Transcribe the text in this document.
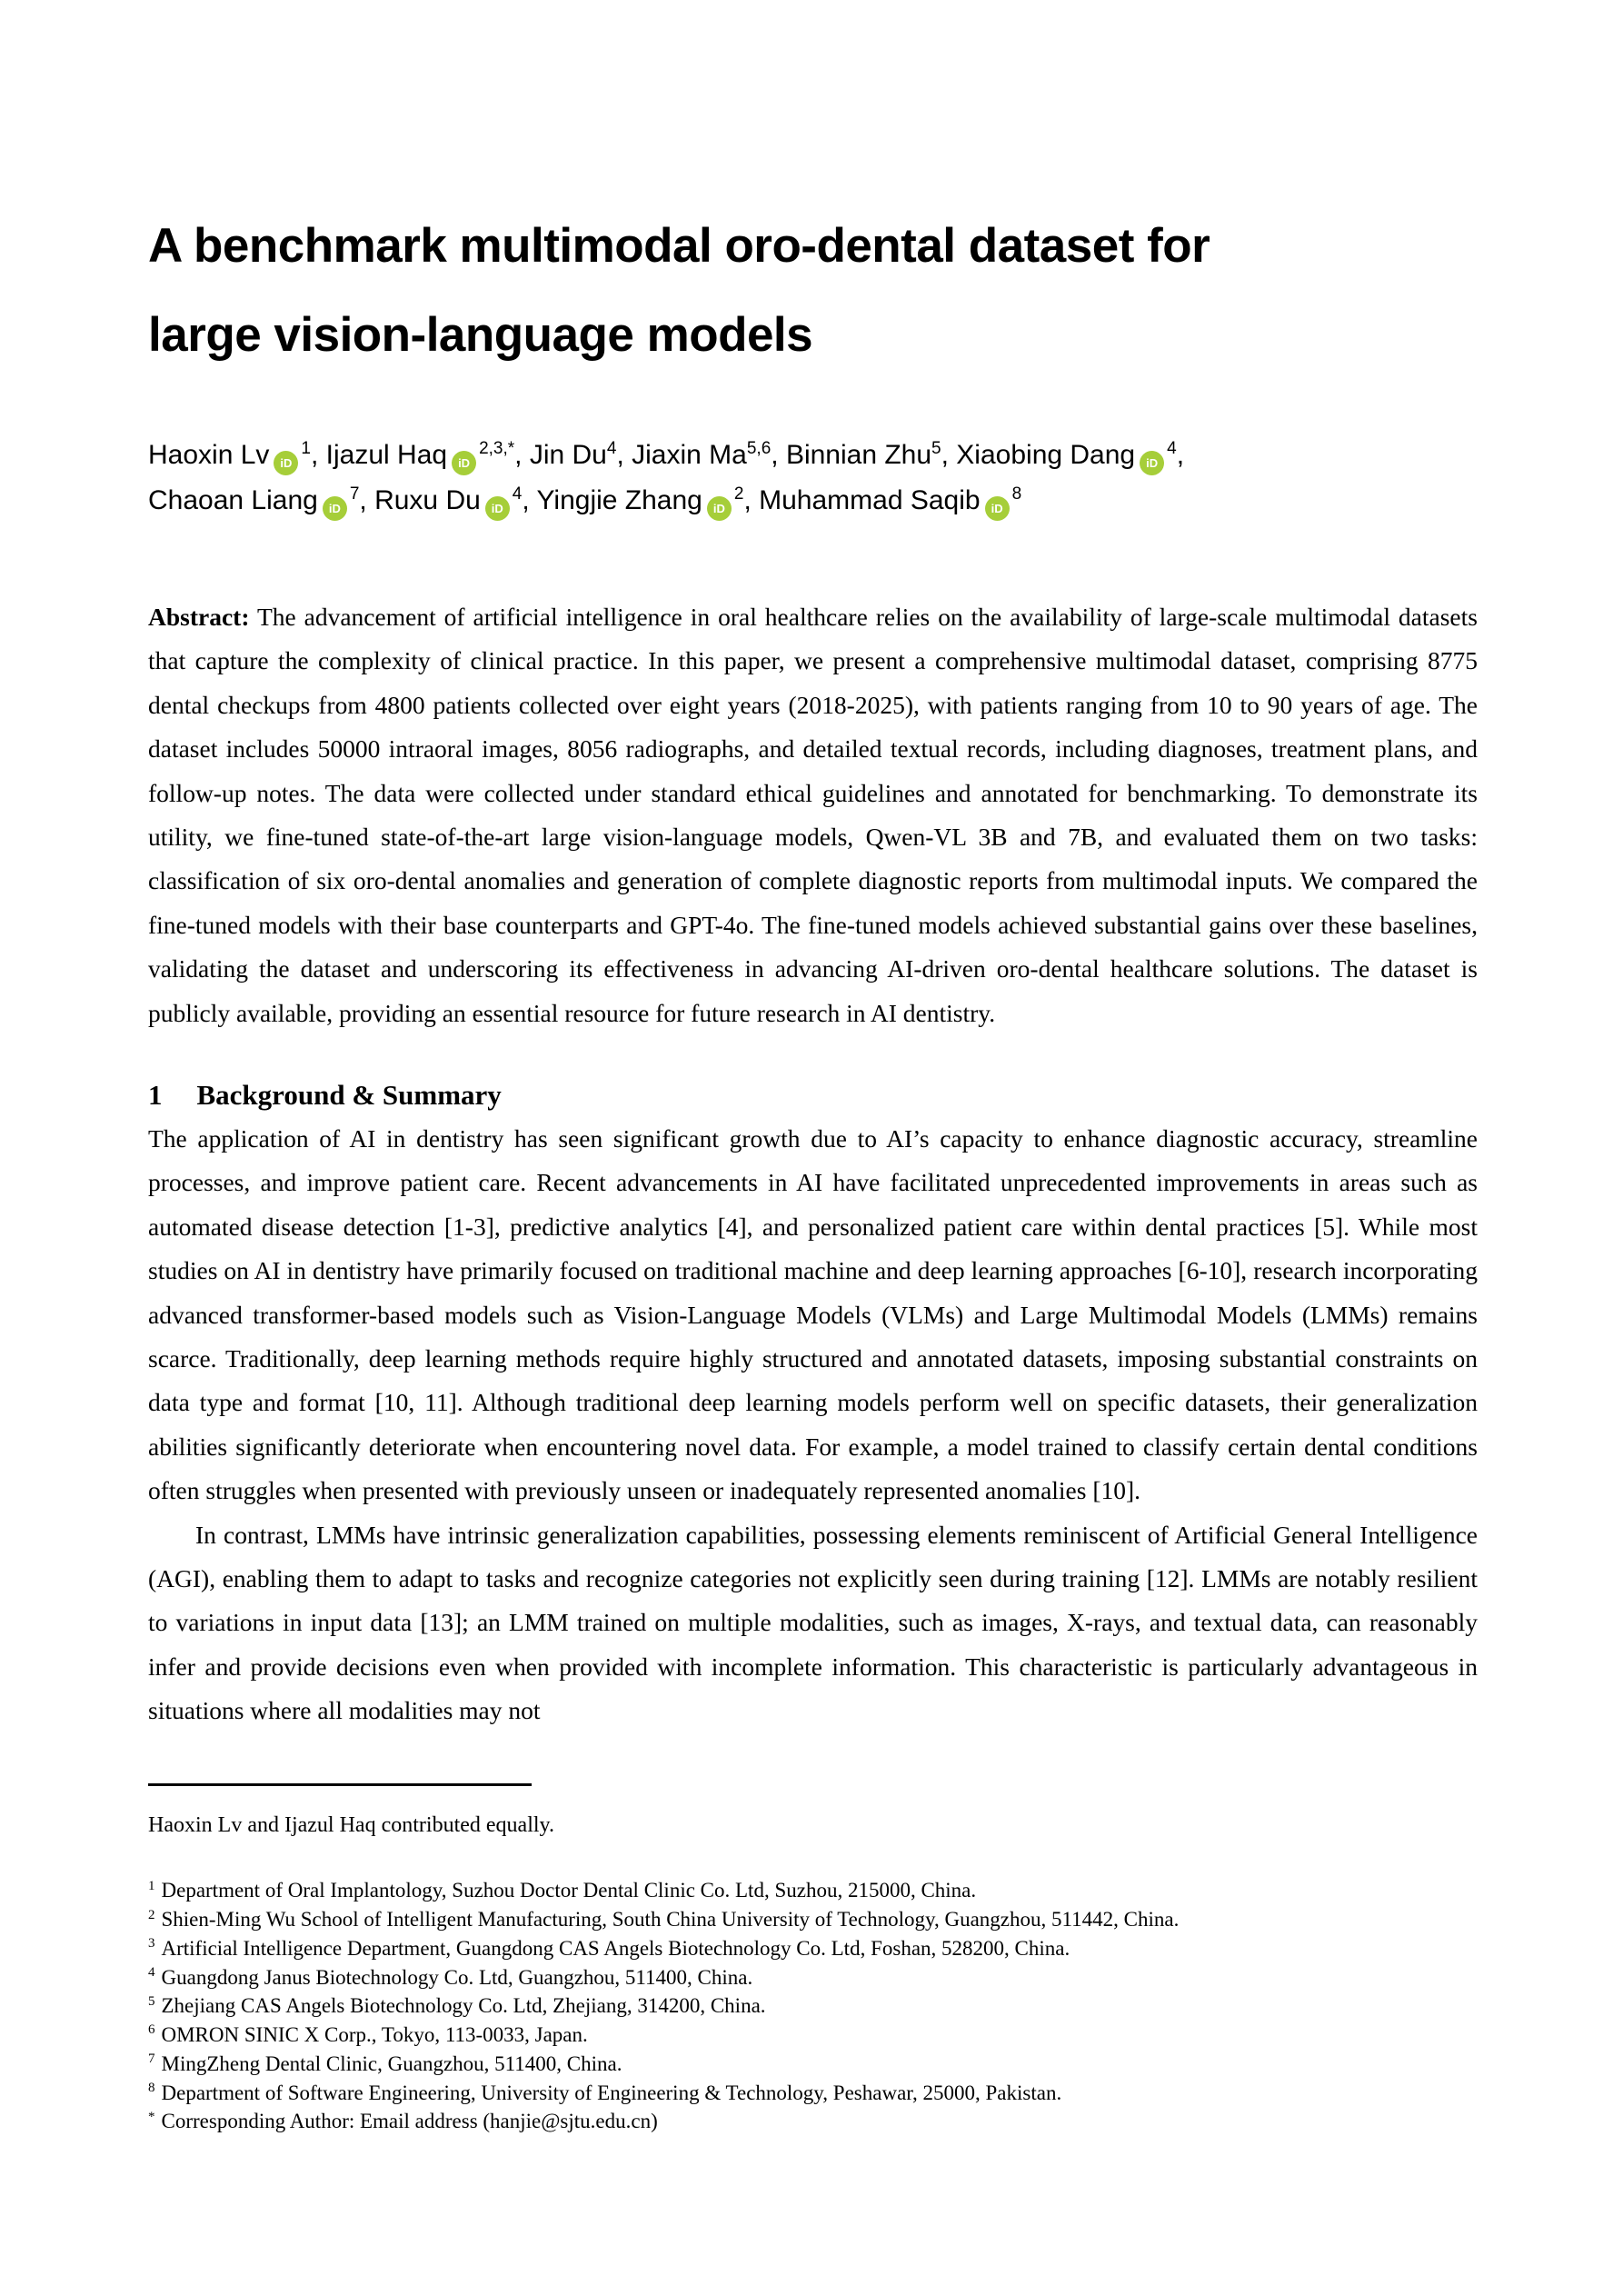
A benchmark multimodal oro-dental dataset for
large vision-language models
Haoxin Lv $iD^1$, Ijazul Haq $iD^{2,3,*}$, Jin Du$^4$, Jiaxin Ma$^{5,6}$, Binnian Zhu$^5$, Xiaobing Dang $iD^4$,
Chaoan Liang $iD^7$, Ruxu Du $iD^4$, Yingjie Zhang $iD^2$, Muhammad Saqib $iD^8$

Abstract: The advancement of artificial intelligence in oral healthcare relies on the availability of large-scale multimodal datasets that capture the complexity of clinical practice. In this paper, we present a comprehensive multimodal dataset, comprising 8775 dental checkups from 4800 patients collected over eight years (2018-2025), with patients ranging from 10 to 90 years of age. The dataset includes 50000 intraoral images, 8056 radiographs, and detailed textual records, including diagnoses, treatment plans, and follow-up notes. The data were collected under standard ethical guidelines and annotated for benchmarking. To demonstrate its utility, we fine-tuned state-of-the-art large vision-language models, Qwen-VL 3B and 7B, and evaluated them on two tasks: classification of six oro-dental anomalies and generation of complete diagnostic reports from multimodal inputs. We compared the fine-tuned models with their base counterparts and GPT-4o. The fine-tuned models achieved substantial gains over these baselines, validating the dataset and underscoring its effectiveness in advancing AI-driven oro-dental healthcare solutions. The dataset is publicly available, providing an essential resource for future research in AI dentistry.

1 Background & Summary

The application of AI in dentistry has seen significant growth due to AI’s capacity to enhance diagnostic accuracy, streamline processes, and improve patient care. Recent advancements in AI have facilitated unprecedented improvements in areas such as automated disease detection [1-3], predictive analytics [4], and personalized patient care within dental practices [5]. While most studies on AI in dentistry have primarily focused on traditional machine and deep learning approaches [6-10], research incorporating advanced transformer-based models such as Vision-Language Models (VLMs) and Large Multimodal Models (LMMs) remains scarce. Traditionally, deep learning methods require highly structured and annotated datasets, imposing substantial constraints on data type and format [10, 11]. Although traditional deep learning models perform well on specific datasets, their generalization abilities significantly deteriorate when encountering novel data. For example, a model trained to classify certain dental conditions often struggles when presented with previously unseen or inadequately represented anomalies [10].

In contrast, LMMs have intrinsic generalization capabilities, possessing elements reminiscent of Artificial General Intelligence (AGI), enabling them to adapt to tasks and recognize categories not explicitly seen during training [12]. LMMs are notably resilient to variations in input data [13]; an LMM trained on multiple modalities, such as images, X-rays, and textual data, can reasonably infer and provide decisions even when provided with incomplete information. This characteristic is particularly advantageous in situations where all modalities may not

Haoxin Lv and Ijazul Haq contributed equally.
$^1$ Department of Oral Implantology, Suzhou Doctor Dental Clinic Co. Ltd, Suzhou, 215000, China.
$^2$ Shien-Ming Wu School of Intelligent Manufacturing, South China University of Technology, Guangzhou, 511442, China.
$^3$ Artificial Intelligence Department, Guangdong CAS Angels Biotechnology Co. Ltd, Foshan, 528200, China.
$^4$ Guangdong Janus Biotechnology Co. Ltd, Guangzhou, 511400, China.
$^5$ Zhejiang CAS Angels Biotechnology Co. Ltd, Zhejiang, 314200, China.
$^6$ OMRON SINIC X Corp., Tokyo, 113-0033, Japan.
$^7$ MingZheng Dental Clinic, Guangzhou, 511400, China.
$^8$ Department of Software Engineering, University of Engineering & Technology, Peshawar, 25000, Pakistan.
* Corresponding Author: Email address (hanjie@sjtu.edu.cn)
